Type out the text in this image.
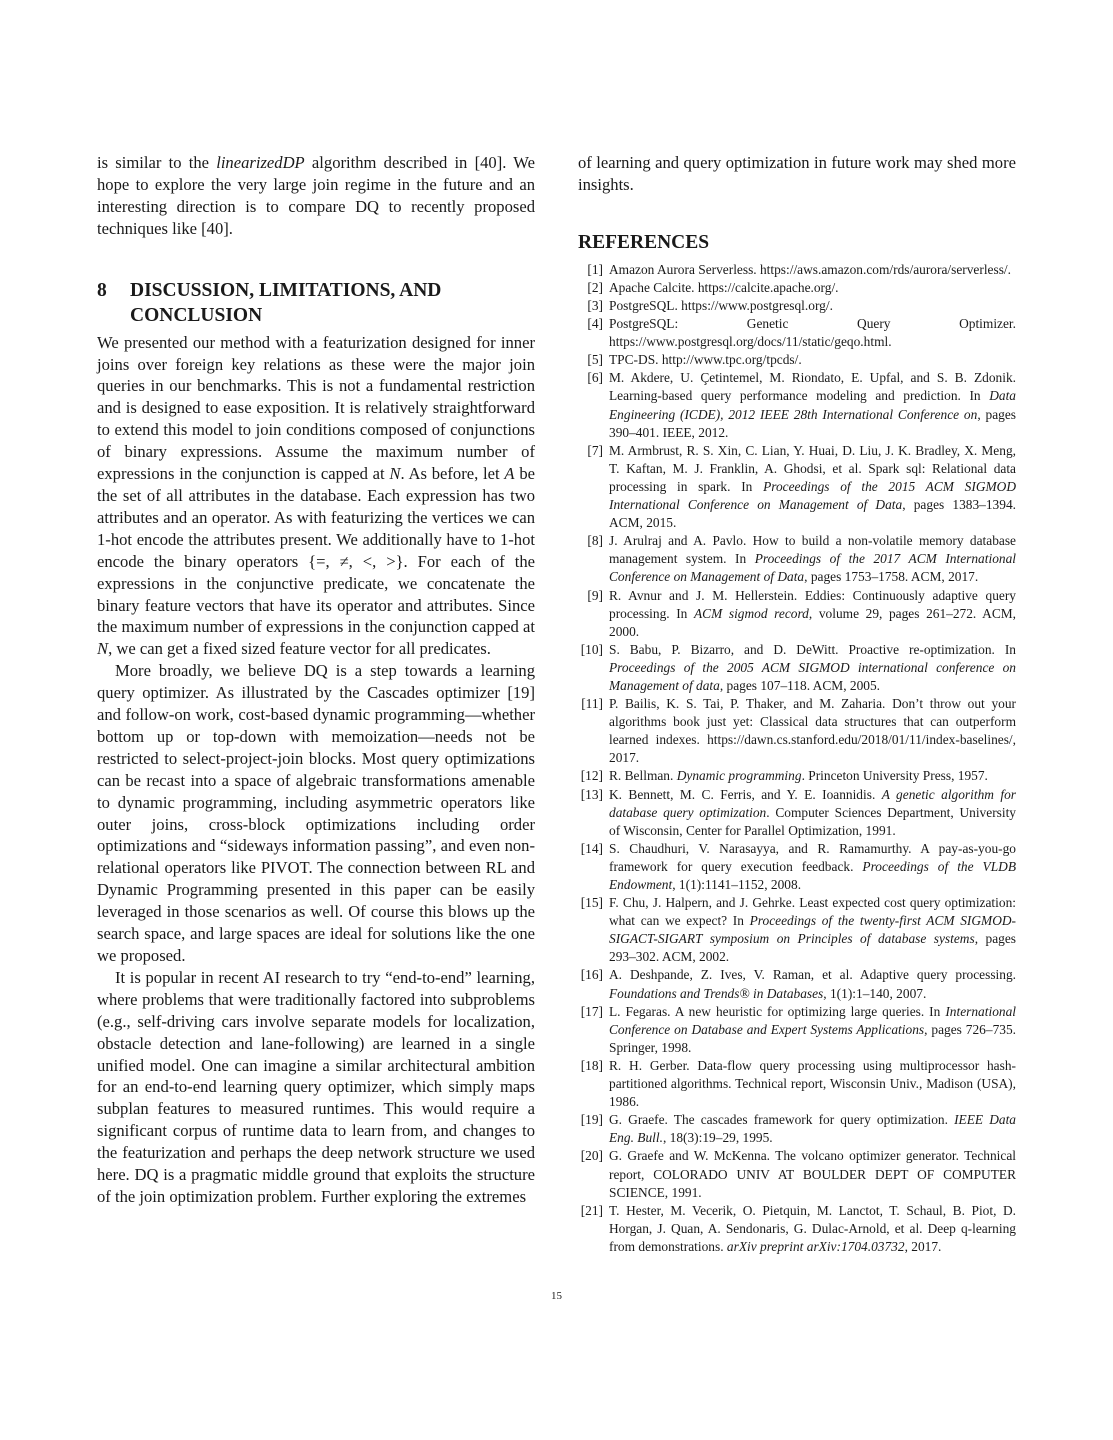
is similar to the linearizedDP algorithm described in [40]. We hope to explore the very large join regime in the future and an interesting direction is to compare DQ to recently proposed techniques like [40].

8	DISCUSSION, LIMITATIONS, AND CONCLUSION

We presented our method with a featurization designed for inner joins over foreign key relations as these were the major join queries in our benchmarks. This is not a fundamental restriction and is designed to ease exposition. It is relatively straightforward to extend this model to join conditions composed of conjunctions of binary expressions. Assume the maximum number of expressions in the conjunction is capped at N. As before, let A be the set of all attributes in the database. Each expression has two attributes and an operator. As with featurizing the vertices we can 1-hot encode the attributes present. We additionally have to 1-hot encode the binary operators {=, ≠, <, >}. For each of the expressions in the conjunctive predicate, we concatenate the binary feature vectors that have its operator and attributes. Since the maximum number of expressions in the conjunction capped at N, we can get a fixed sized feature vector for all predicates.

More broadly, we believe DQ is a step towards a learning query optimizer. As illustrated by the Cascades optimizer [19] and follow-on work, cost-based dynamic programming—whether bottom up or top-down with memoization—needs not be restricted to select-project-join blocks. Most query optimizations can be recast into a space of algebraic transformations amenable to dynamic programming, including asymmetric operators like outer joins, cross-block optimizations including order optimizations and “sideways information passing”, and even non-relational operators like PIVOT. The connection between RL and Dynamic Programming presented in this paper can be easily leveraged in those scenarios as well. Of course this blows up the search space, and large spaces are ideal for solutions like the one we proposed.

It is popular in recent AI research to try “end-to-end” learning, where problems that were traditionally factored into subproblems (e.g., self-driving cars involve separate models for localization, obstacle detection and lane-following) are learned in a single unified model. One can imagine a similar architectural ambition for an end-to-end learning query optimizer, which simply maps subplan features to measured runtimes. This would require a significant corpus of runtime data to learn from, and changes to the featurization and perhaps the deep network structure we used here. DQ is a pragmatic middle ground that exploits the structure of the join optimization problem. Further exploring the extremes

of learning and query optimization in future work may shed more insights.

REFERENCES
[1] Amazon Aurora Serverless. https://aws.amazon.com/rds/aurora/serverless/.
[2] Apache Calcite. https://calcite.apache.org/.
[3] PostgreSQL. https://www.postgresql.org/.
[4] PostgreSQL: Genetic Query Optimizer. https://www.postgresql.org/docs/11/static/geqo.html.
[5] TPC-DS. http://www.tpc.org/tpcds/.
[6] M. Akdere, U. Çetintemel, M. Riondato, E. Upfal, and S. B. Zdonik. Learning-based query performance modeling and prediction. In Data Engineering (ICDE), 2012 IEEE 28th International Conference on, pages 390–401. IEEE, 2012.
[7] M. Armbrust, R. S. Xin, C. Lian, Y. Huai, D. Liu, J. K. Bradley, X. Meng, T. Kaftan, M. J. Franklin, A. Ghodsi, et al. Spark sql: Relational data processing in spark. In Proceedings of the 2015 ACM SIGMOD International Conference on Management of Data, pages 1383–1394. ACM, 2015.
[8] J. Arulraj and A. Pavlo. How to build a non-volatile memory database management system. In Proceedings of the 2017 ACM International Conference on Management of Data, pages 1753–1758. ACM, 2017.
[9] R. Avnur and J. M. Hellerstein. Eddies: Continuously adaptive query processing. In ACM sigmod record, volume 29, pages 261–272. ACM, 2000.
[10] S. Babu, P. Bizarro, and D. DeWitt. Proactive re-optimization. In Proceedings of the 2005 ACM SIGMOD international conference on Management of data, pages 107–118. ACM, 2005.
[11] P. Bailis, K. S. Tai, P. Thaker, and M. Zaharia. Don’t throw out your algorithms book just yet: Classical data structures that can outperform learned indexes. https://dawn.cs.stanford.edu/2018/01/11/index-baselines/, 2017.
[12] R. Bellman. Dynamic programming. Princeton University Press, 1957.
[13] K. Bennett, M. C. Ferris, and Y. E. Ioannidis. A genetic algorithm for database query optimization. Computer Sciences Department, University of Wisconsin, Center for Parallel Optimization, 1991.
[14] S. Chaudhuri, V. Narasayya, and R. Ramamurthy. A pay-as-you-go framework for query execution feedback. Proceedings of the VLDB Endowment, 1(1):1141–1152, 2008.
[15] F. Chu, J. Halpern, and J. Gehrke. Least expected cost query optimization: what can we expect? In Proceedings of the twenty-first ACM SIGMOD-SIGACT-SIGART symposium on Principles of database systems, pages 293–302. ACM, 2002.
[16] A. Deshpande, Z. Ives, V. Raman, et al. Adaptive query processing. Foundations and Trends® in Databases, 1(1):1–140, 2007.
[17] L. Fegaras. A new heuristic for optimizing large queries. In International Conference on Database and Expert Systems Applications, pages 726–735. Springer, 1998.
[18] R. H. Gerber. Data-flow query processing using multiprocessor hash-partitioned algorithms. Technical report, Wisconsin Univ., Madison (USA), 1986.
[19] G. Graefe. The cascades framework for query optimization. IEEE Data Eng. Bull., 18(3):19–29, 1995.
[20] G. Graefe and W. McKenna. The volcano optimizer generator. Technical report, COLORADO UNIV AT BOULDER DEPT OF COMPUTER SCIENCE, 1991.
[21] T. Hester, M. Vecerik, O. Pietquin, M. Lanctot, T. Schaul, B. Piot, D. Horgan, J. Quan, A. Sendonaris, G. Dulac-Arnold, et al. Deep q-learning from demonstrations. arXiv preprint arXiv:1704.03732, 2017.
15
